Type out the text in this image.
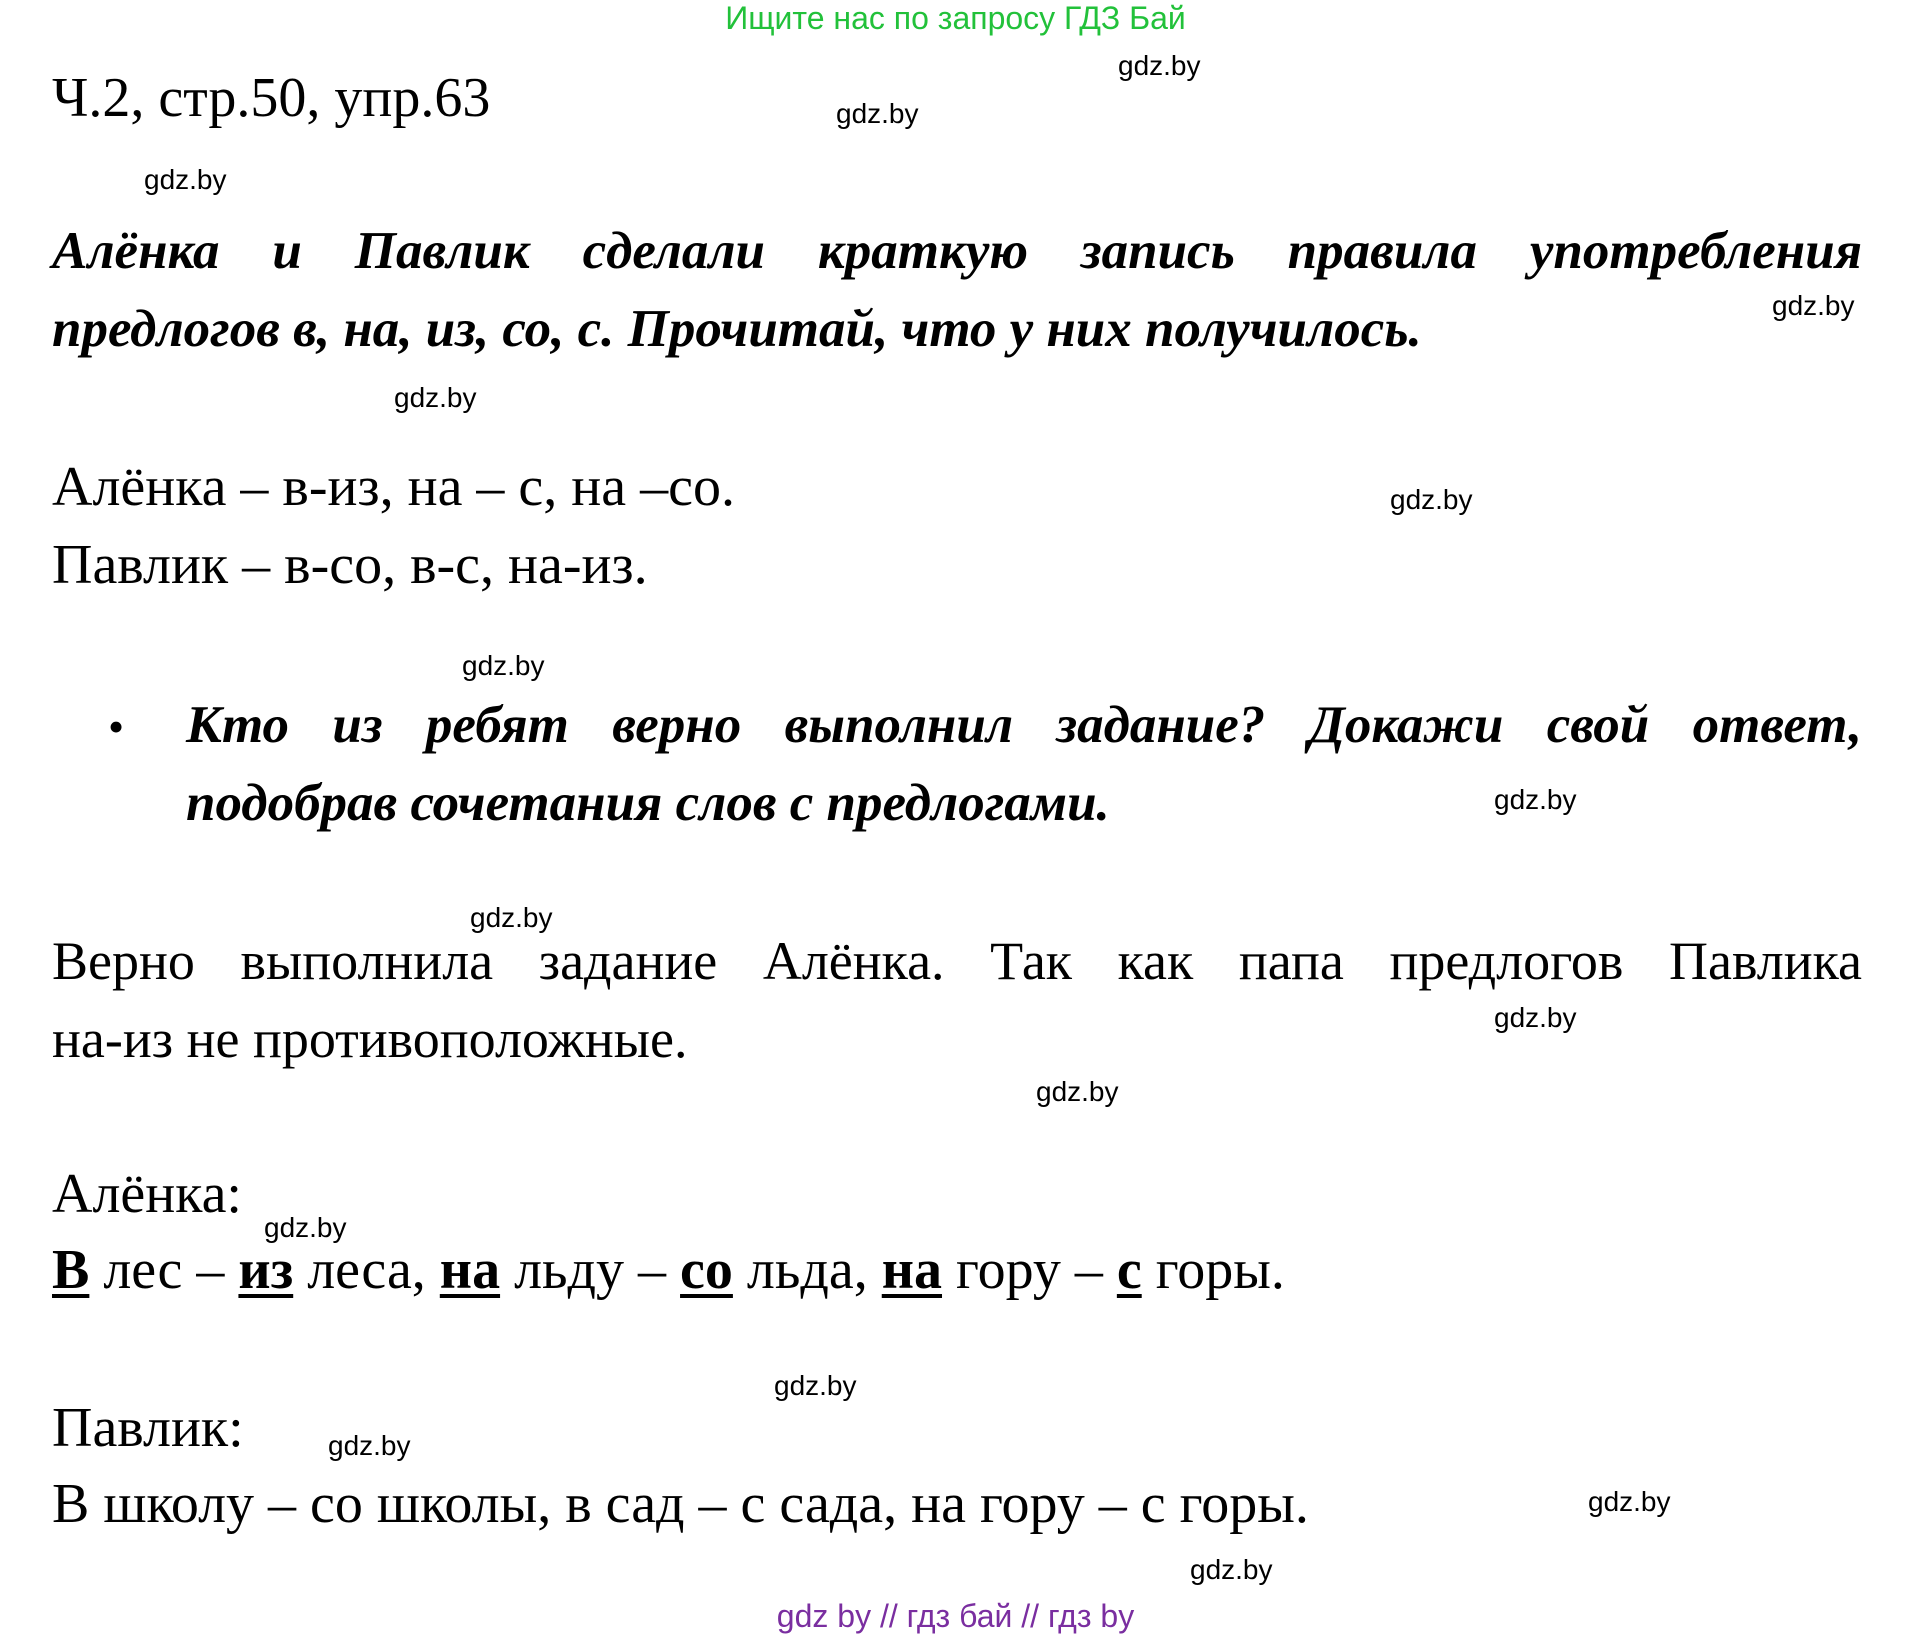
Ищите нас по запросу ГДЗ Бай
Ч.2, стр.50, упр.63
Алёнка и Павлик сделали краткую запись правила употребления
предлогов в, на, из, со, с. Прочитай, что у них получилось.
Алёнка – в-из, на – с, на –со.
Павлик – в-со, в-с, на-из.
• Кто из ребят верно выполнил задание? Докажи свой ответ,
подобрав сочетания слов с предлогами.
Верно выполнила задание Алёнка. Так как папа предлогов Павлика
на-из не противоположные.
Алёнка:
В лес – из леса, на льду – со льда, на гору – с горы.
Павлик:
В школу – со школы, в сад – с сада, на гору – с горы.
gdz.by
gdz.by
gdz.by
gdz.by
gdz.by
gdz.by
gdz.by
gdz.by
gdz.by
gdz.by
gdz.by
gdz.by
gdz.by
gdz.by
gdz.by
gdz.by
gdz by // гдз бай // гдз by
